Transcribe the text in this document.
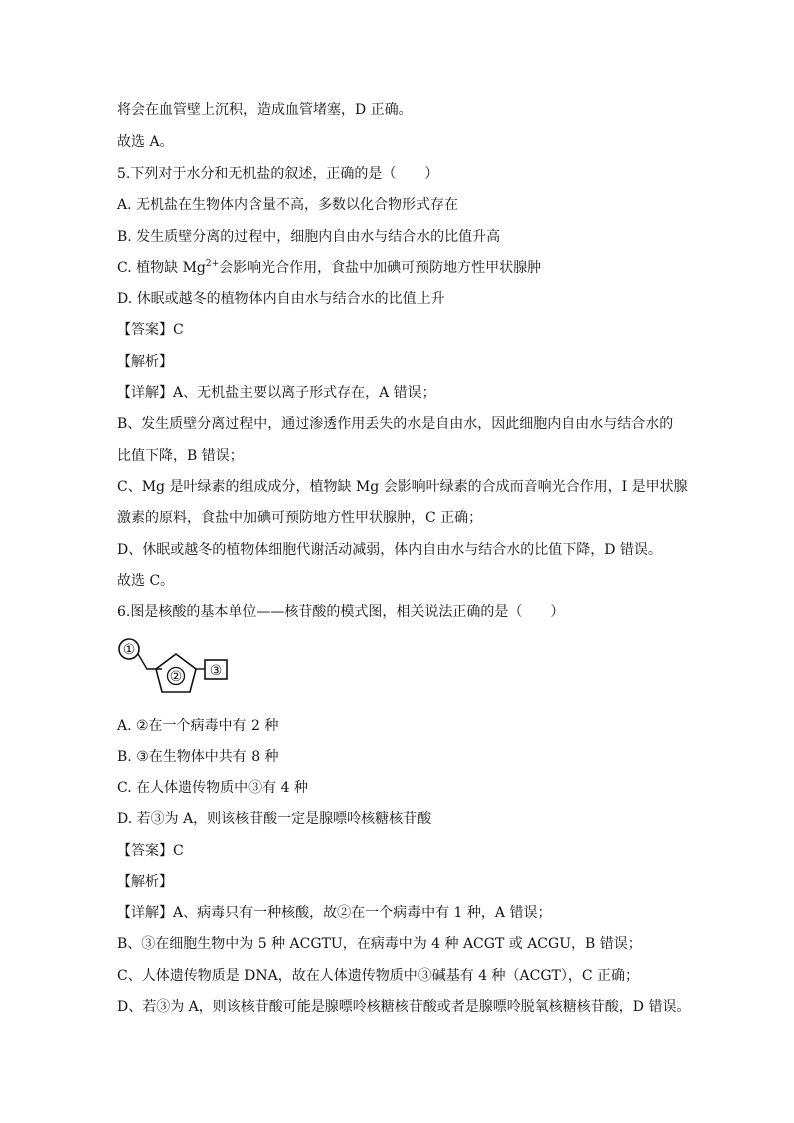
将会在血管壁上沉积，造成血管堵塞，D 正确。
故选 A。
5.下列对于水分和无机盐的叙述，正确的是（　　）
A. 无机盐在生物体内含量不高，多数以化合物形式存在
B. 发生质壁分离的过程中，细胞内自由水与结合水的比值升高
C. 植物缺 $Mg^{2+}$会影响光合作用，食盐中加碘可预防地方性甲状腺肿
D. 休眠或越冬的植物体内自由水与结合水的比值上升
【答案】C
【解析】
【详解】A、无机盐主要以离子形式存在，A 错误；
B、发生质壁分离过程中，通过渗透作用丢失的水是自由水，因此细胞内自由水与结合水的
比值下降，B 错误；
C、Mg 是叶绿素的组成成分，植物缺 Mg 会影响叶绿素的合成而音响光合作用，I 是甲状腺
激素的原料，食盐中加碘可预防地方性甲状腺肿，C 正确；
D、休眠或越冬的植物体细胞代谢活动减弱，体内自由水与结合水的比值下降，D 错误。
故选 C。
6.图是核酸的基本单位——核苷酸的模式图，相关说法正确的是（　　）
①
② ③
A. ②在一个病毒中有 2 种
B. ③在生物体中共有 8 种
C. 在人体遗传物质中③有 4 种
D. 若③为 A，则该核苷酸一定是腺嘌呤核糖核苷酸
【答案】C
【解析】
【详解】A、病毒只有一种核酸，故②在一个病毒中有 1 种，A 错误；
B、③在细胞生物中为 5 种 ACGTU，在病毒中为 4 种 ACGT 或 ACGU，B 错误；
C、人体遗传物质是 DNA，故在人体遗传物质中③碱基有 4 种（ACGT），C 正确；
D、若③为 A，则该核苷酸可能是腺嘌呤核糖核苷酸或者是腺嘌呤脱氧核糖核苷酸，D 错误。
